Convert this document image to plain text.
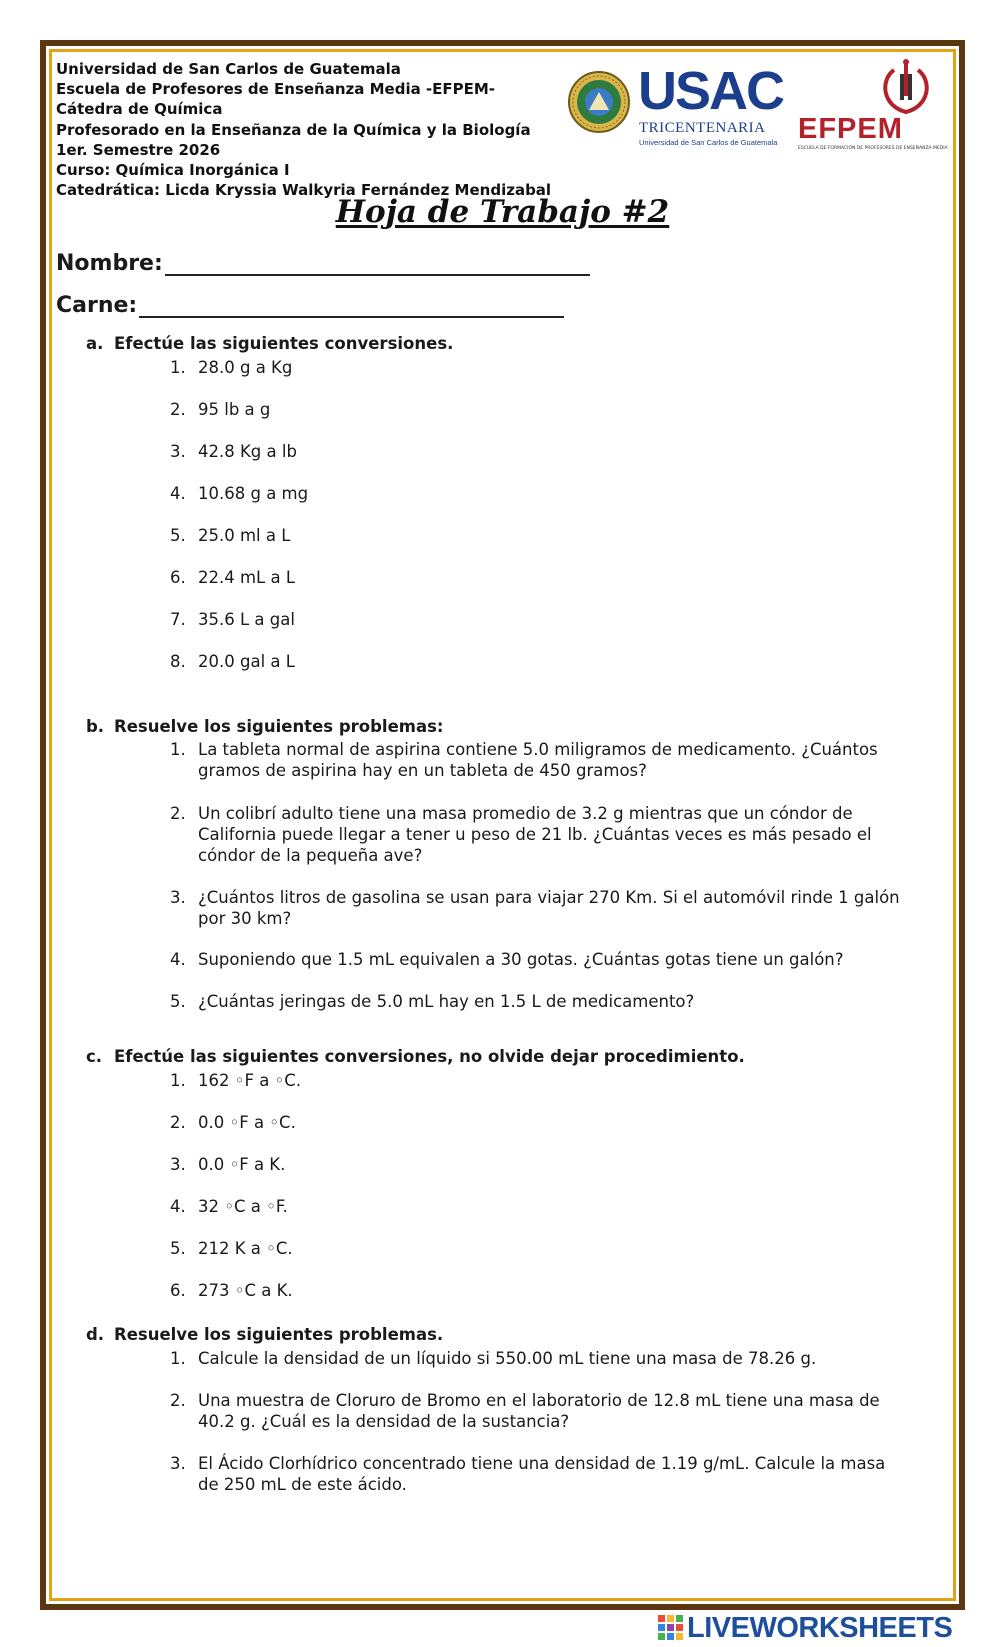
Universidad de San Carlos de Guatemala
Escuela de Profesores de Enseñanza Media -EFPEM-
Cátedra de Química
Profesorado en la Enseñanza de la Química y la Biología
1er. Semestre 2026
Curso: Química Inorgánica I
Catedrática: Licda Kryssia Walkyria Fernández Mendizabal
USAC
TRICENTENARIA
Universidad de San Carlos de Guatemala EFPEM
ESCUELA DE FORMACIÓN DE PROFESORES DE ENSEÑANZA MEDIA
Hoja de Trabajo #2
Nombre:
Carne:
a. Efectúe las siguientes conversiones.
1. 28.0 g a Kg
2. 95 lb a g
3. 42.8 Kg a lb
4. 10.68 g a mg
5. 25.0 ml a L
6. 22.4 mL a L
7. 35.6 L a gal
8. 20.0 gal a L
b. Resuelve los siguientes problemas:
1. La tableta normal de aspirina contiene 5.0 miligramos de medicamento. ¿Cuántos gramos de aspirina hay en un tableta de 450 gramos?
2. Un colibrí adulto tiene una masa promedio de 3.2 g mientras que un cóndor de California puede llegar a tener u peso de 21 lb. ¿Cuántas veces es más pesado el cóndor de la pequeña ave?
3. ¿Cuántos litros de gasolina se usan para viajar 270 Km. Si el automóvil rinde 1 galón por 30 km?
4. Suponiendo que 1.5 mL equivalen a 30 gotas. ¿Cuántas gotas tiene un galón?
5. ¿Cuántas jeringas de 5.0 mL hay en 1.5 L de medicamento?
c. Efectúe las siguientes conversiones, no olvide dejar procedimiento.
1. 162 ◦F a ◦C.
2. 0.0 ◦F a ◦C.
3. 0.0 ◦F a K.
4. 32 ◦C a ◦F.
5. 212 K a ◦C.
6. 273 ◦C a K.
d. Resuelve los siguientes problemas.
1. Calcule la densidad de un líquido si 550.00 mL tiene una masa de 78.26 g.
2. Una muestra de Cloruro de Bromo en el laboratorio de 12.8 mL tiene una masa de 40.2 g. ¿Cuál es la densidad de la sustancia?
3. El Ácido Clorhídrico concentrado tiene una densidad de 1.19 g/mL. Calcule la masa de 250 mL de este ácido.
LIVEWORKSHEETS
